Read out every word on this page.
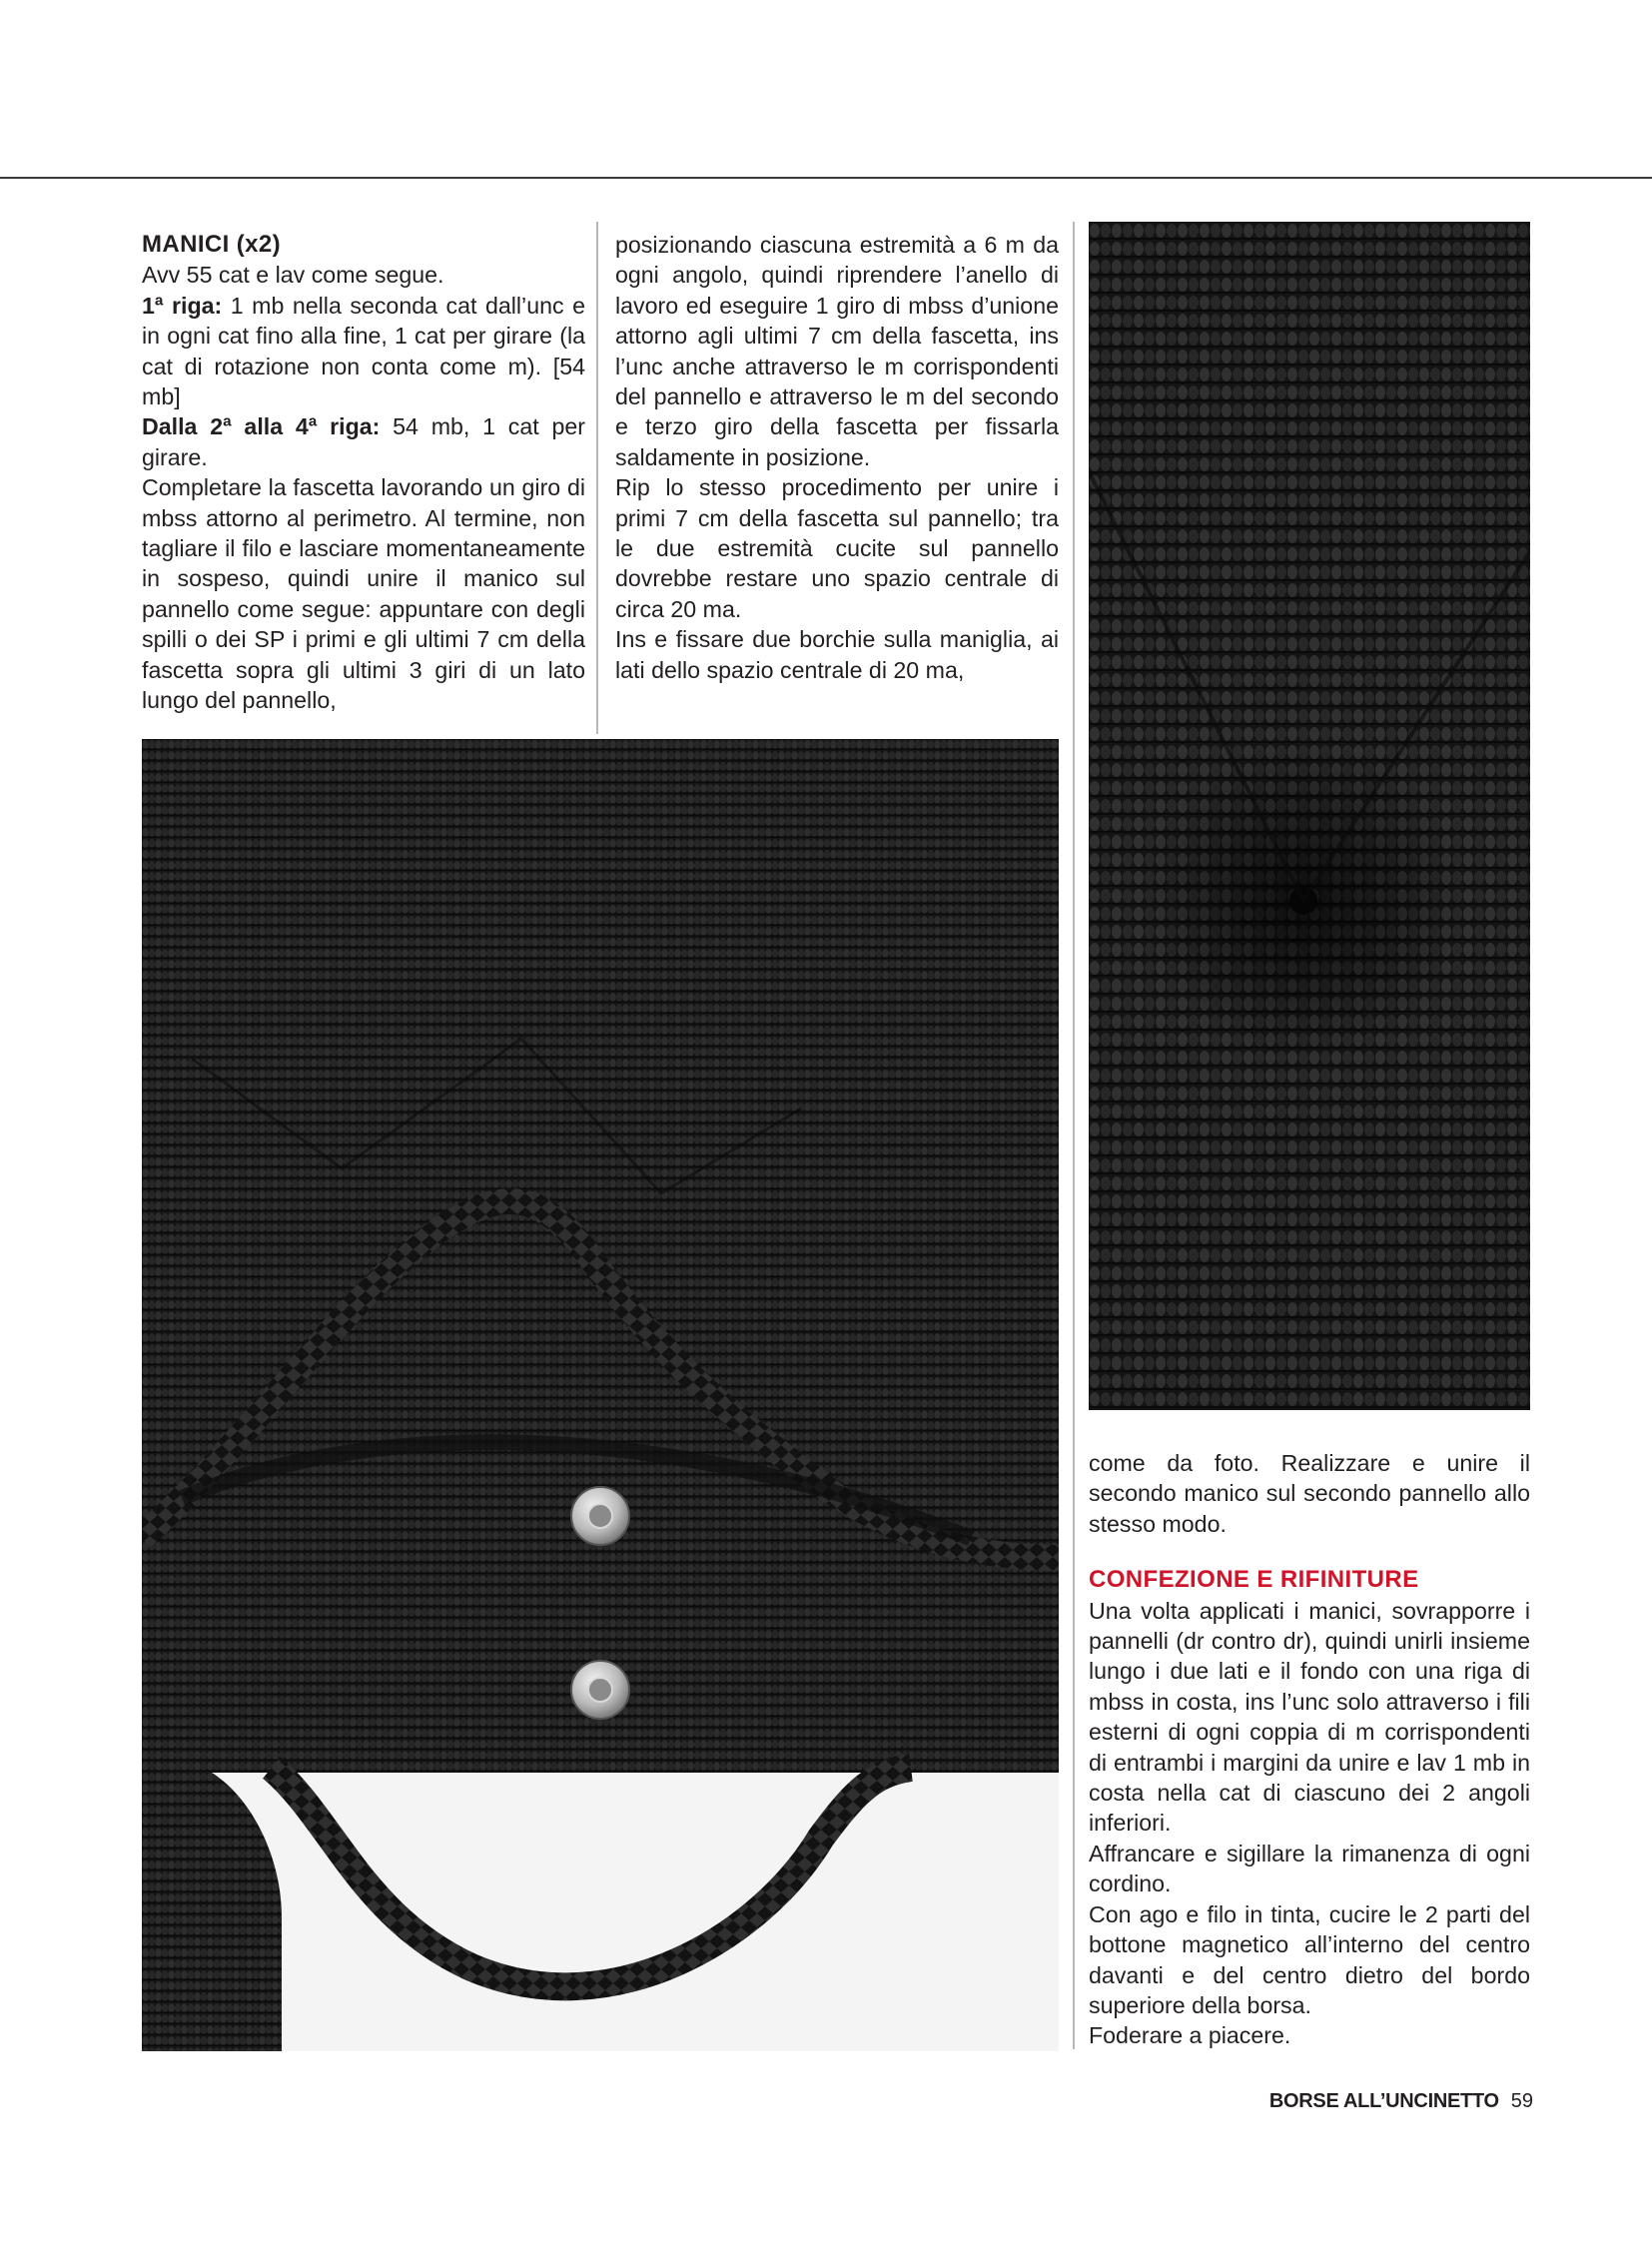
MANICI (x2)

Avv 55 cat e lav come segue.

1ª riga: 1 mb nella seconda cat dall’unc e in ogni cat fino alla fine, 1 cat per girare (la cat di rotazione non conta come m). [54 mb]

Dalla 2ª alla 4ª riga: 54 mb, 1 cat per girare.

Completare la fascetta lavorando un giro di mbss attorno al perimetro. Al termine, non tagliare il filo e lasciare momentaneamente in sospeso, quindi unire il manico sul pannello come segue: appuntare con degli spilli o dei SP i primi e gli ultimi 7 cm della fascetta sopra gli ultimi 3 giri di un lato lungo del pannello,

posizionando ciascuna estremità a 6 m da ogni angolo, quindi riprendere l’anello di lavoro ed eseguire 1 giro di mbss d’unione attorno agli ultimi 7 cm della fascetta, ins l’unc anche attraverso le m corrispondenti del pannello e attraverso le m del secondo e terzo giro della fascetta per fissarla saldamente in posizione.

Rip lo stesso procedimento per unire i primi 7 cm della fascetta sul pannello; tra le due estremità cucite sul pannello dovrebbe restare uno spazio centrale di circa 20 ma.

Ins e fissare due borchie sulla maniglia, ai lati dello spazio centrale di 20 ma,

come da foto. Realizzare e unire il secondo manico sul secondo pannello allo stesso modo.

CONFEZIONE E RIFINITURE

Una volta applicati i manici, sovrapporre i pannelli (dr contro dr), quindi unirli insieme lungo i due lati e il fondo con una riga di mbss in costa, ins l’unc solo attraverso i fili esterni di ogni coppia di m corrispondenti di entrambi i margini da unire e lav 1 mb in costa nella cat di ciascuno dei 2 angoli inferiori.

Affrancare e sigillare la rimanenza di ogni cordino.

Con ago e filo in tinta, cucire le 2 parti del bottone magnetico all’interno del centro davanti e del centro dietro del bordo superiore della borsa.

Foderare a piacere.

BORSE ALL’UNCINETTO 59
